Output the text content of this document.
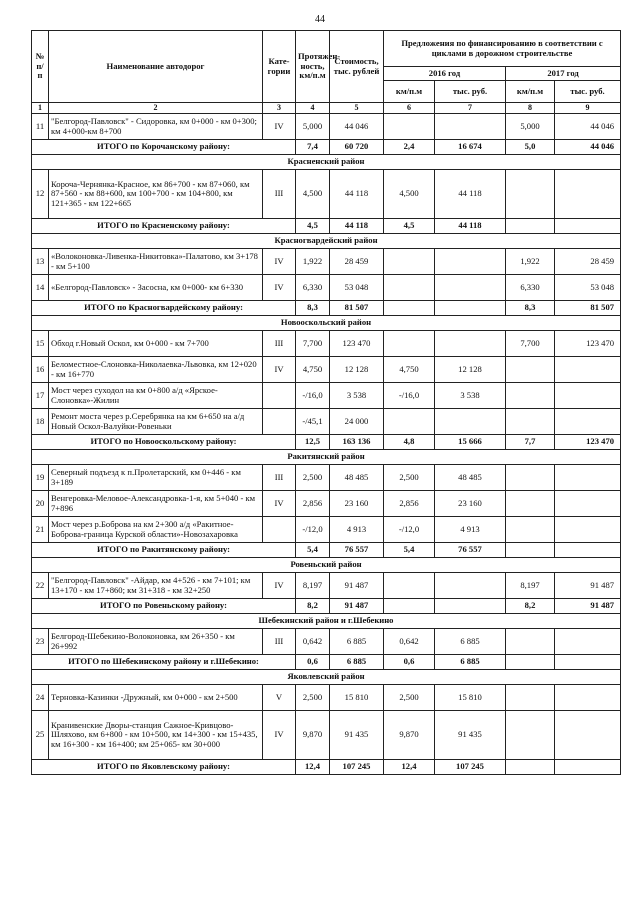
44
№ п/п	Наименование автодорог	Кате-гории	Протяжен-ность, км/п.м	Стоимость, тыс. рублей	Предложения по финансированию в соответствии с циклами в дорожном строительстве			
					2016 год		2017 год	
					км/п.м	тыс. руб.	км/п.м	тыс. руб.
1	2	3	4	5	6	7	8	9
11	"Белгород-Павловск" - Сидоровка, км 0+000 - км 0+300; км 4+000-км 8+700	IV	5,000	44 046			5,000	44 046
ИТОГО по Корочанскому району:			7,4	60 720	2,4	16 674	5,0	44 046
Красненский район								
12	Короча-Чернянка-Красное, км 86+700 - км 87+060, км 87+560 - км 88+600, км 100+700 - км 104+800, км 121+365 - км 122+665	III	4,500	44 118	4,500	44 118		
ИТОГО по Красненскому району:			4,5	44 118	4,5	44 118		
Красногвардейский район								
13	«Волоконовка-Ливенка-Никитовка»-Палатово, км 3+178 - км 5+100	IV	1,922	28 459			1,922	28 459
14	«Белгород-Павловск» - Засосна, км 0+000- км 6+330	IV	6,330	53 048			6,330	53 048
ИТОГО по Красногвардейскому району:			8,3	81 507			8,3	81 507
Новооскольский район								
15	Обход г.Новый Оскол, км 0+000 - км 7+700	III	7,700	123 470			7,700	123 470
16	Беломестное-Слоновка-Николаевка-Львовка, км 12+020 - км 16+770	IV	4,750	12 128	4,750	12 128		
17	Мост через суходол на км 0+800 а/д «Ярское-Слоновка»-Жилин		-/16,0	3 538	-/16,0	3 538		
18	Ремонт моста через р.Серебрянка на км 6+650 на а/д Новый Оскол-Валуйки-Ровеньки		-/45,1	24 000				
ИТОГО по Новооскольскому району:			12,5	163 136	4,8	15 666	7,7	123 470
Ракитянский район								
19	Северный подъезд к п.Пролетарский, км 0+446 - км 3+189	III	2,500	48 485	2,500	48 485		
20	Венгеровка-Меловое-Александровка-1-я, км 5+040 - км 7+896	IV	2,856	23 160	2,856	23 160		
21	Мост через р.Боброва на км 2+300 а/д «Ракитное-Боброва-граница Курской области»-Новозахаровка		-/12,0	4 913	-/12,0	4 913		
ИТОГО по Ракитянскому району:			5,4	76 557	5,4	76 557		
Ровеньский район								
22	"Белгород-Павловск" -Айдар, км 4+526 - км 7+101; км 13+170 - км 17+860; км 31+318 - км 32+250	IV	8,197	91 487			8,197	91 487
ИТОГО по Ровеньскому району:			8,2	91 487			8,2	91 487
Шебекинский район и г.Шебекино								
23	Белгород-Шебекино-Волоконовка, км 26+350 - км 26+992	III	0,642	6 885	0,642	6 885		
ИТОГО по Шебекинскому району и г.Шебекино:			0,6	6 885	0,6	6 885		
Яковлевский район								
24	Терновка-Казинки -Дружный, км 0+000 - км 2+500	V	2,500	15 810	2,500	15 810		
25	Кранивенские Дворы-станция Сажное-Кривцово-Шляхово, км 6+800 - км 10+500, км 14+300 - км 15+435, км 16+300 - км 16+400; км 25+065- км 30+000	IV	9,870	91 435	9,870	91 435		
ИТОГО по Яковлевскому району:			12,4	107 245	12,4	107 245		
